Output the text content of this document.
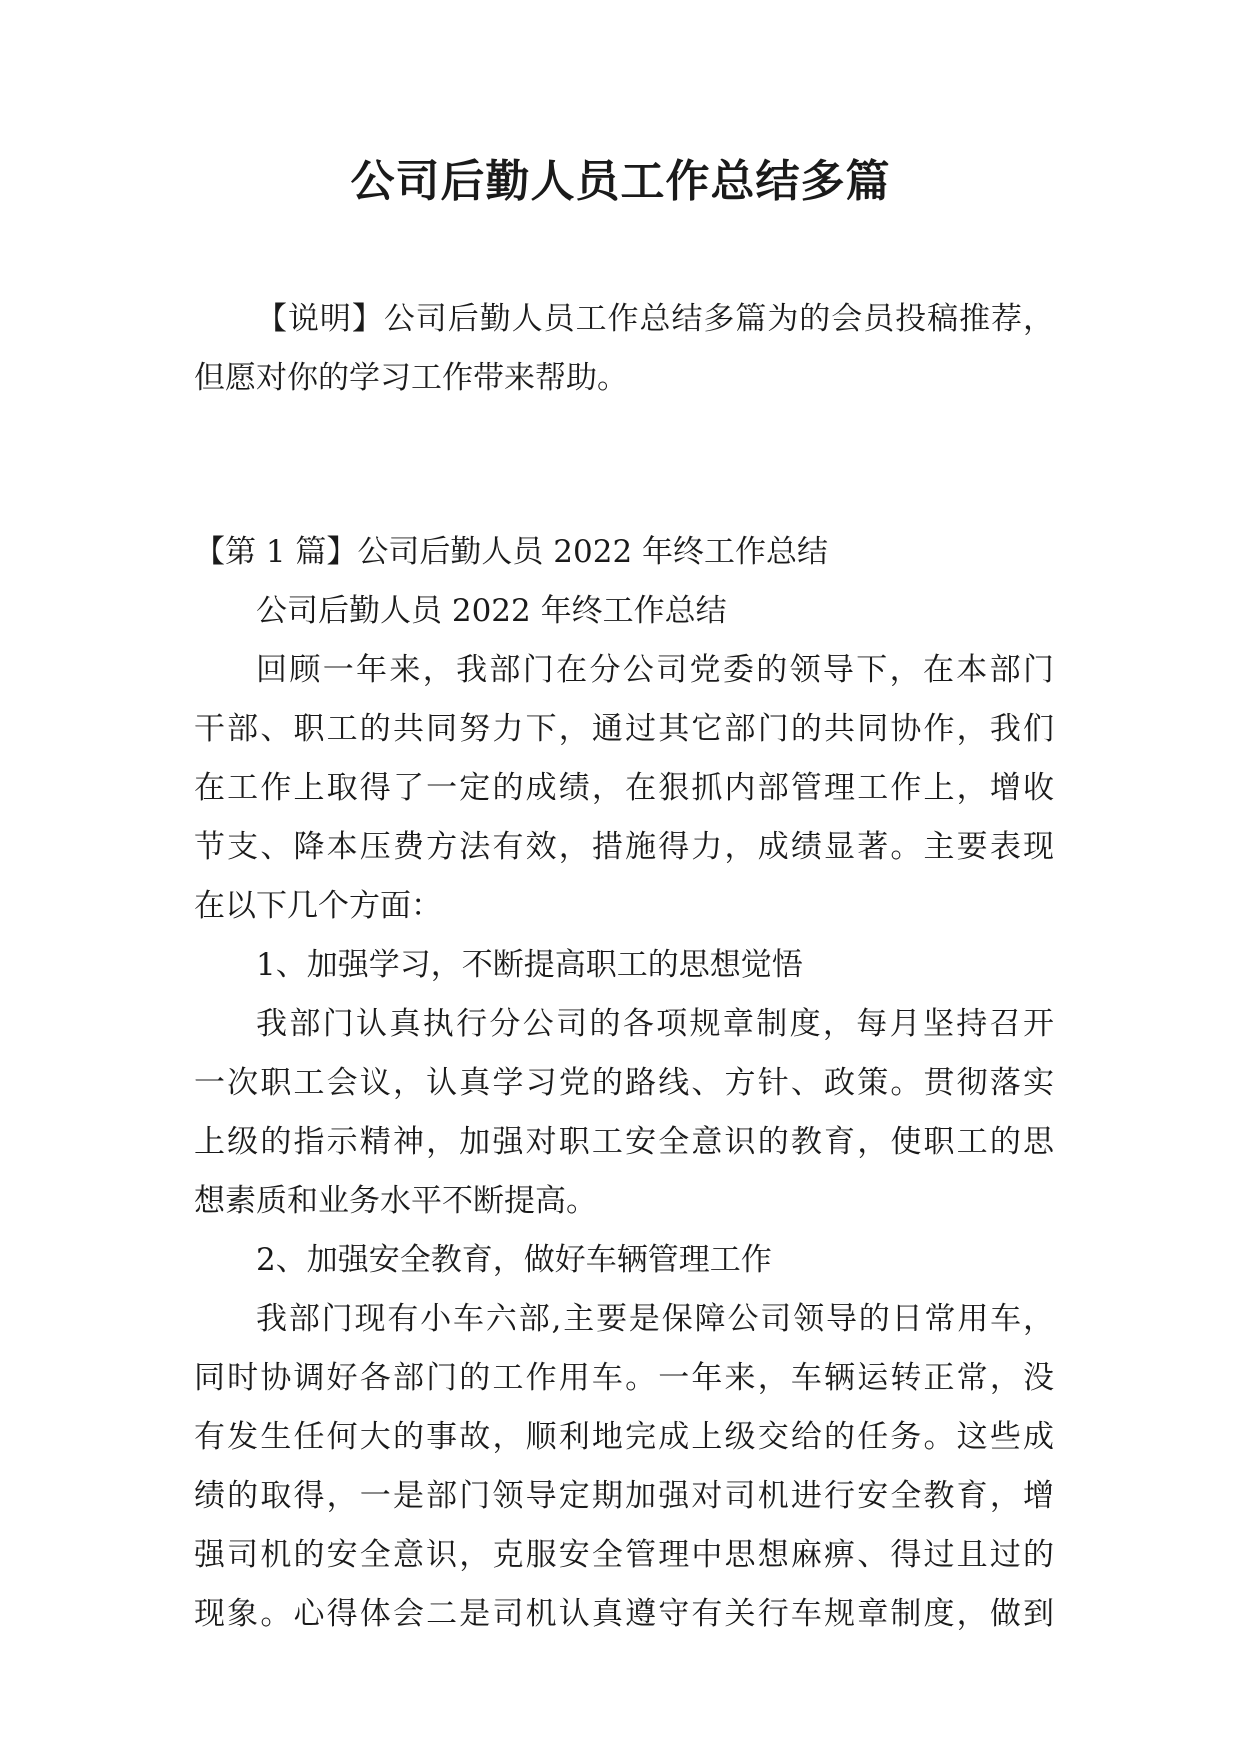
公司后勤人员工作总结多篇
【说明】公司后勤人员工作总结多篇为的会员投稿推荐，
但愿对你的学习工作带来帮助。
【第 1 篇】公司后勤人员 2022 年终工作总结
公司后勤人员 2022 年终工作总结
回顾一年来，我部门在分公司党委的领导下，在本部门
干部、职工的共同努力下，通过其它部门的共同协作，我们
在工作上取得了一定的成绩，在狠抓内部管理工作上，增收
节支、降本压费方法有效，措施得力，成绩显著。主要表现
在以下几个方面：
1、加强学习，不断提高职工的思想觉悟
我部门认真执行分公司的各项规章制度，每月坚持召开
一次职工会议，认真学习党的路线、方针、政策。贯彻落实
上级的指示精神，加强对职工安全意识的教育，使职工的思
想素质和业务水平不断提高。
2、加强安全教育，做好车辆管理工作
我部门现有小车六部,主要是保障公司领导的日常用车，
同时协调好各部门的工作用车。一年来，车辆运转正常，没
有发生任何大的事故，顺利地完成上级交给的任务。这些成
绩的取得，一是部门领导定期加强对司机进行安全教育，增
强司机的安全意识，克服安全管理中思想麻痹、得过且过的
现象。心得体会二是司机认真遵守有关行车规章制度，做到
